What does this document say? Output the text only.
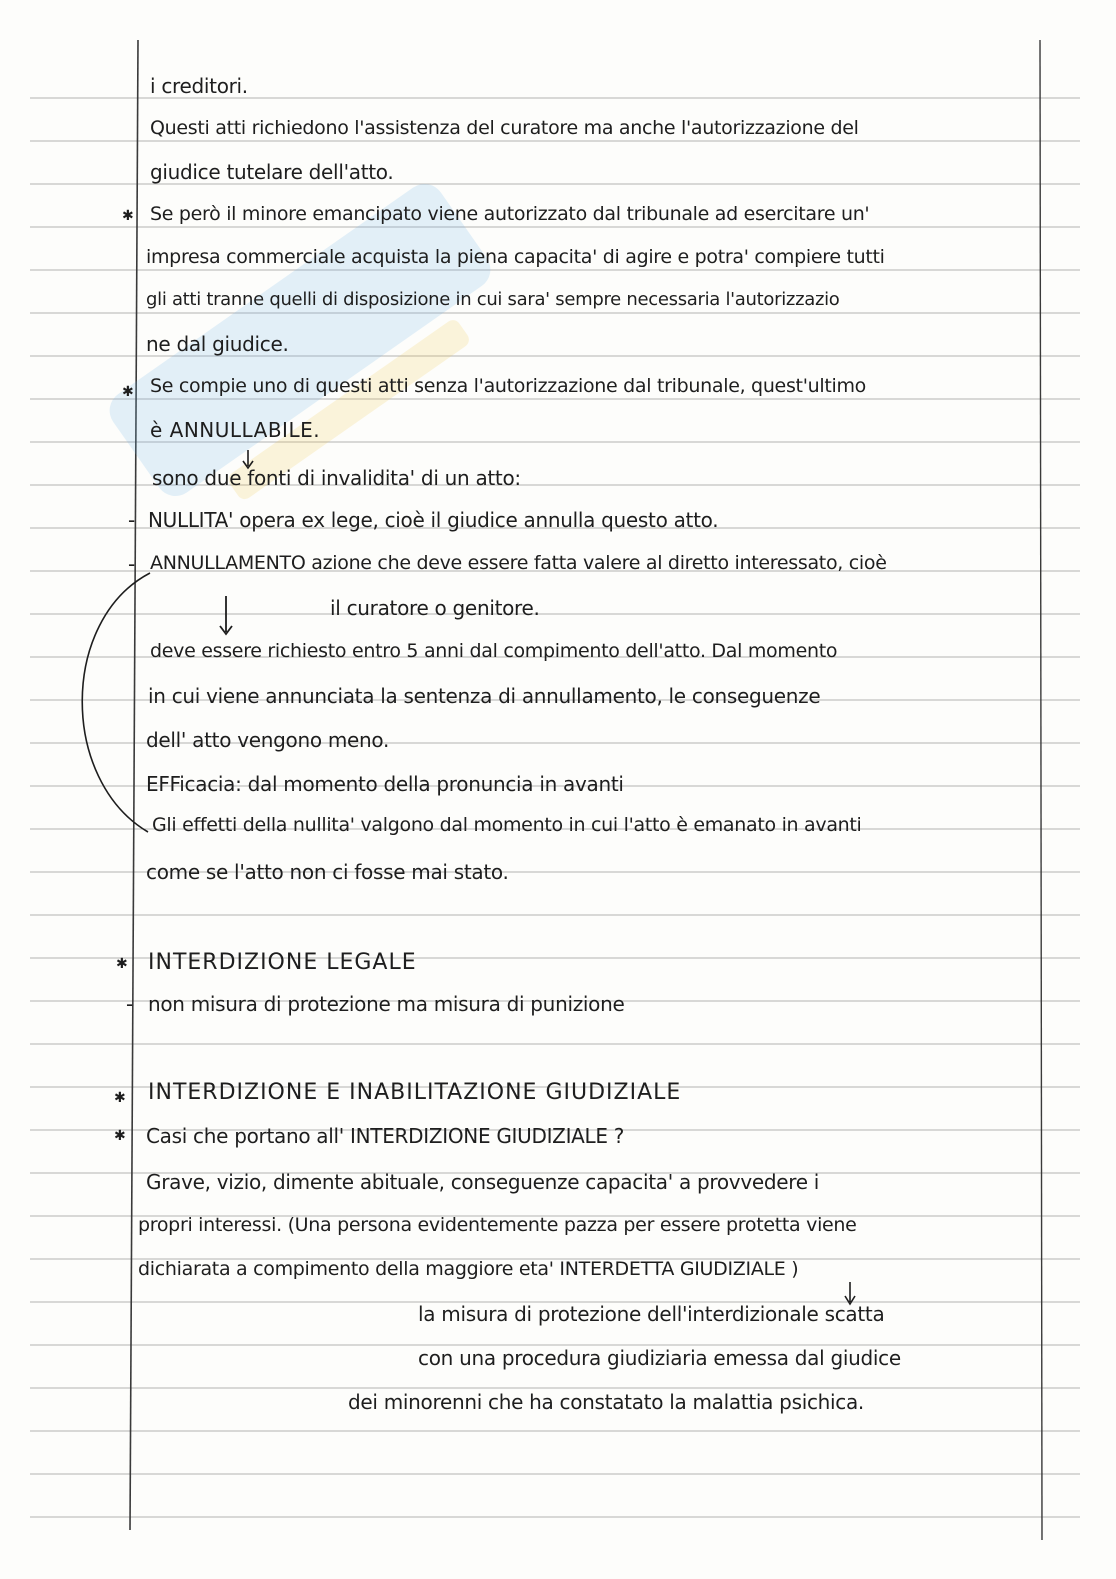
✱
✱
-
-
✱
-
✱
✱
i creditori.
Questi atti richiedono l'assistenza del curatore ma anche l'autorizzazione del
giudice tutelare dell'atto.
Se però il minore emancipato viene autorizzato dal tribunale ad esercitare un'
impresa commerciale acquista la piena capacita' di agire e potra' compiere tutti
gli atti tranne quelli di disposizione in cui sara' sempre necessaria l'autorizzazio
ne dal giudice.
Se compie uno di questi atti senza l'autorizzazione dal tribunale, quest'ultimo
è ANNULLABILE.
sono due fonti di invalidita' di un atto:
NULLITA' opera ex lege, cioè il giudice annulla questo atto.
ANNULLAMENTO azione che deve essere fatta valere al diretto interessato, cioè
il curatore o genitore.
deve essere richiesto entro 5 anni dal compimento dell'atto. Dal momento
in cui viene annunciata la sentenza di annullamento, le conseguenze
dell' atto vengono meno.
EFFicacia: dal momento della pronuncia in avanti
Gli effetti della nullita' valgono dal momento in cui l'atto è emanato in avanti
come se l'atto non ci fosse mai stato.
INTERDIZIONE LEGALE
non misura di protezione ma misura di punizione
INTERDIZIONE E INABILITAZIONE GIUDIZIALE
Casi che portano all' INTERDIZIONE GIUDIZIALE ?
Grave, vizio, dimente abituale, conseguenze capacita' a provvedere i
propri interessi. (Una persona evidentemente pazza per essere protetta viene
dichiarata a compimento della maggiore eta' INTERDETTA GIUDIZIALE )
la misura di protezione dell'interdizionale scatta
con una procedura giudiziaria emessa dal giudice
dei minorenni che ha constatato la malattia psichica.
